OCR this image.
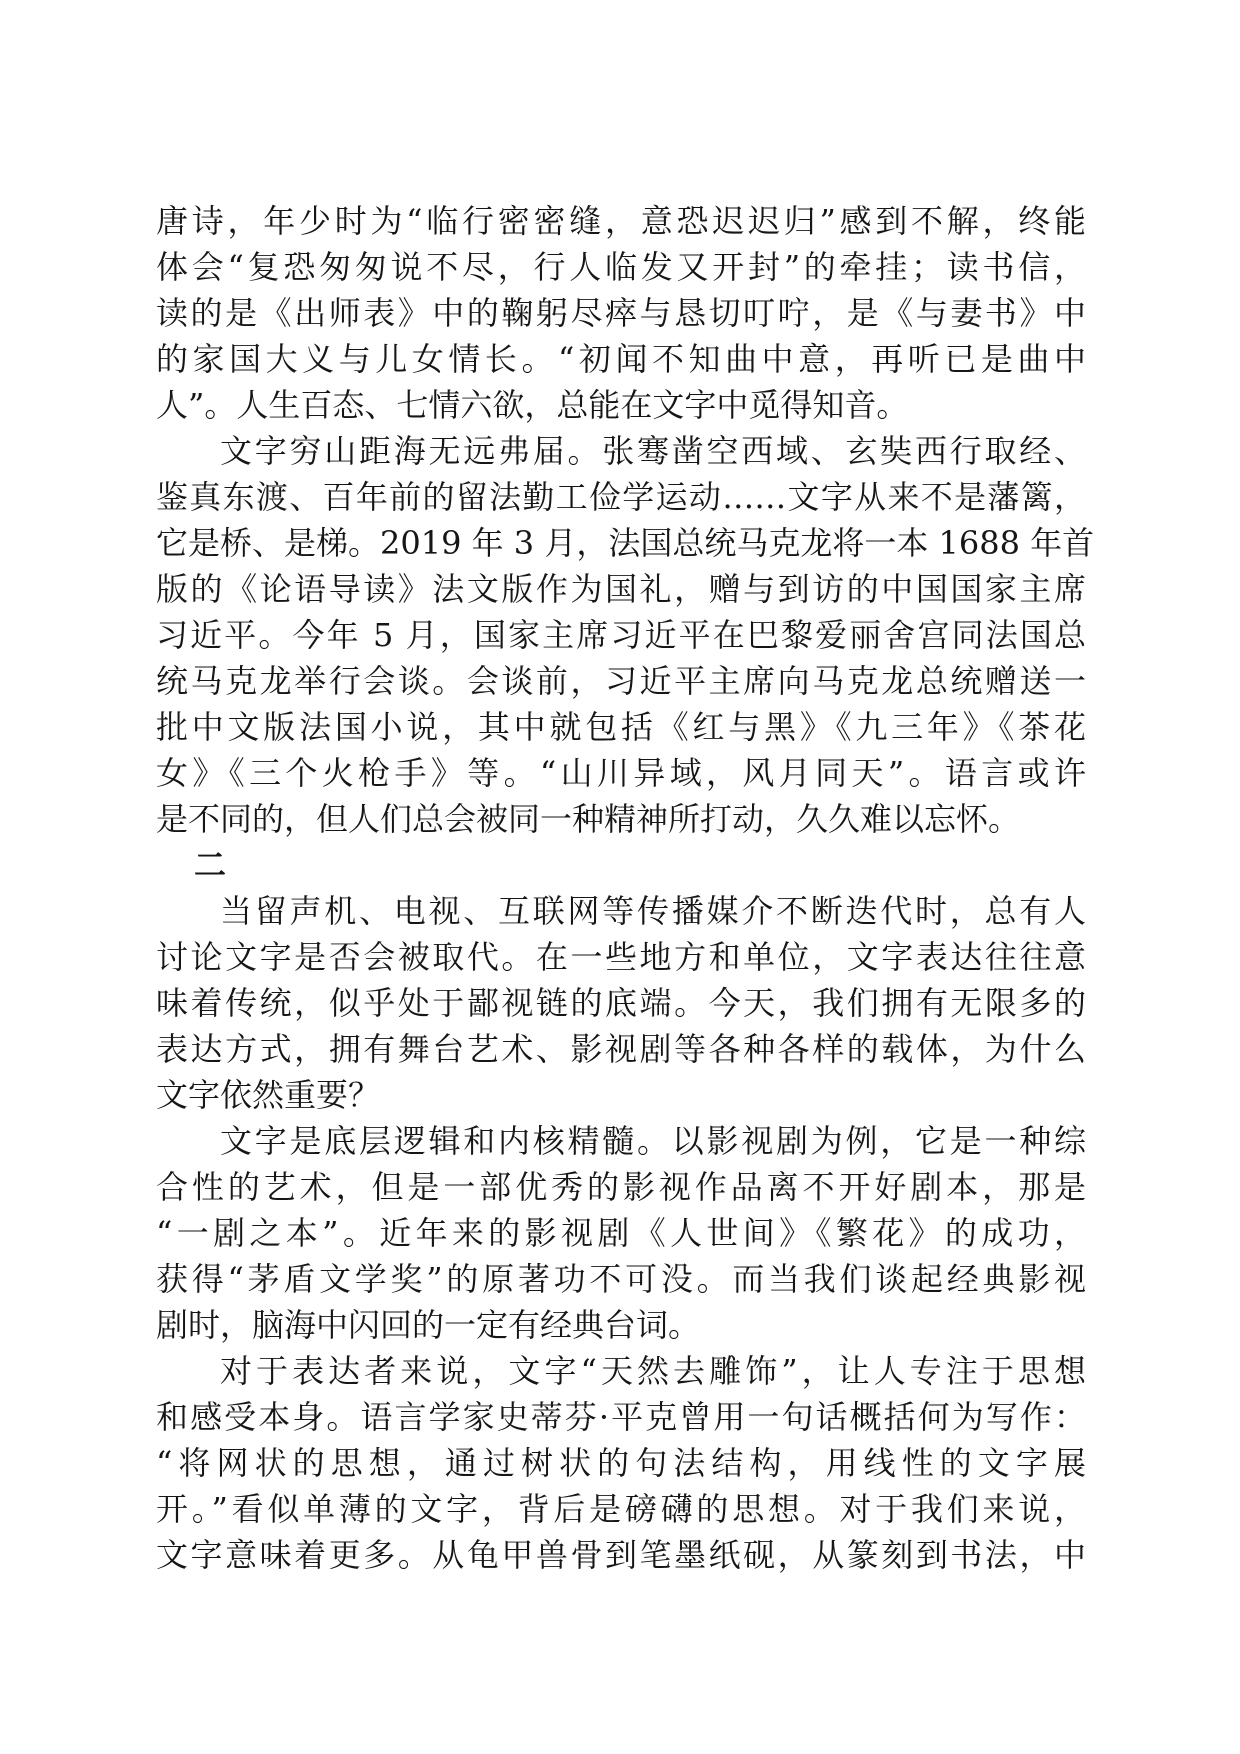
唐诗，年少时为“临行密密缝，意恐迟迟归”感到不解，终能
体会“复恐匆匆说不尽，行人临发又开封”的牵挂；读书信，
读的是《出师表》中的鞠躬尽瘁与恳切叮咛，是《与妻书》中
的家国大义与儿女情长。“初闻不知曲中意，再听已是曲中
人”。人生百态、七情六欲，总能在文字中觅得知音。

文字穷山距海无远弗届。张骞凿空西域、玄奘西行取经、
鉴真东渡、百年前的留法勤工俭学运动……文字从来不是藩篱，
它是桥、是梯。2019 年 3 月，法国总统马克龙将一本 1688 年首
版的《论语导读》法文版作为国礼，赠与到访的中国国家主席
习近平。今年 5 月，国家主席习近平在巴黎爱丽舍宫同法国总
统马克龙举行会谈。会谈前，习近平主席向马克龙总统赠送一
批中文版法国小说，其中就包括《红与黑》《九三年》《茶花
女》《三个火枪手》等。“山川异域，风月同天”。语言或许
是不同的，但人们总会被同一种精神所打动，久久难以忘怀。

二

当留声机、电视、互联网等传播媒介不断迭代时，总有人
讨论文字是否会被取代。在一些地方和单位，文字表达往往意
味着传统，似乎处于鄙视链的底端。今天，我们拥有无限多的
表达方式，拥有舞台艺术、影视剧等各种各样的载体，为什么
文字依然重要？

文字是底层逻辑和内核精髓。以影视剧为例，它是一种综
合性的艺术，但是一部优秀的影视作品离不开好剧本，那是
“一剧之本”。近年来的影视剧《人世间》《繁花》的成功，
获得“茅盾文学奖”的原著功不可没。而当我们谈起经典影视
剧时，脑海中闪回的一定有经典台词。

对于表达者来说，文字“天然去雕饰”，让人专注于思想
和感受本身。语言学家史蒂芬·平克曾用一句话概括何为写作：
“将网状的思想，通过树状的句法结构，用线性的文字展
开。”看似单薄的文字，背后是磅礴的思想。对于我们来说，
文字意味着更多。从龟甲兽骨到笔墨纸砚，从篆刻到书法，中
